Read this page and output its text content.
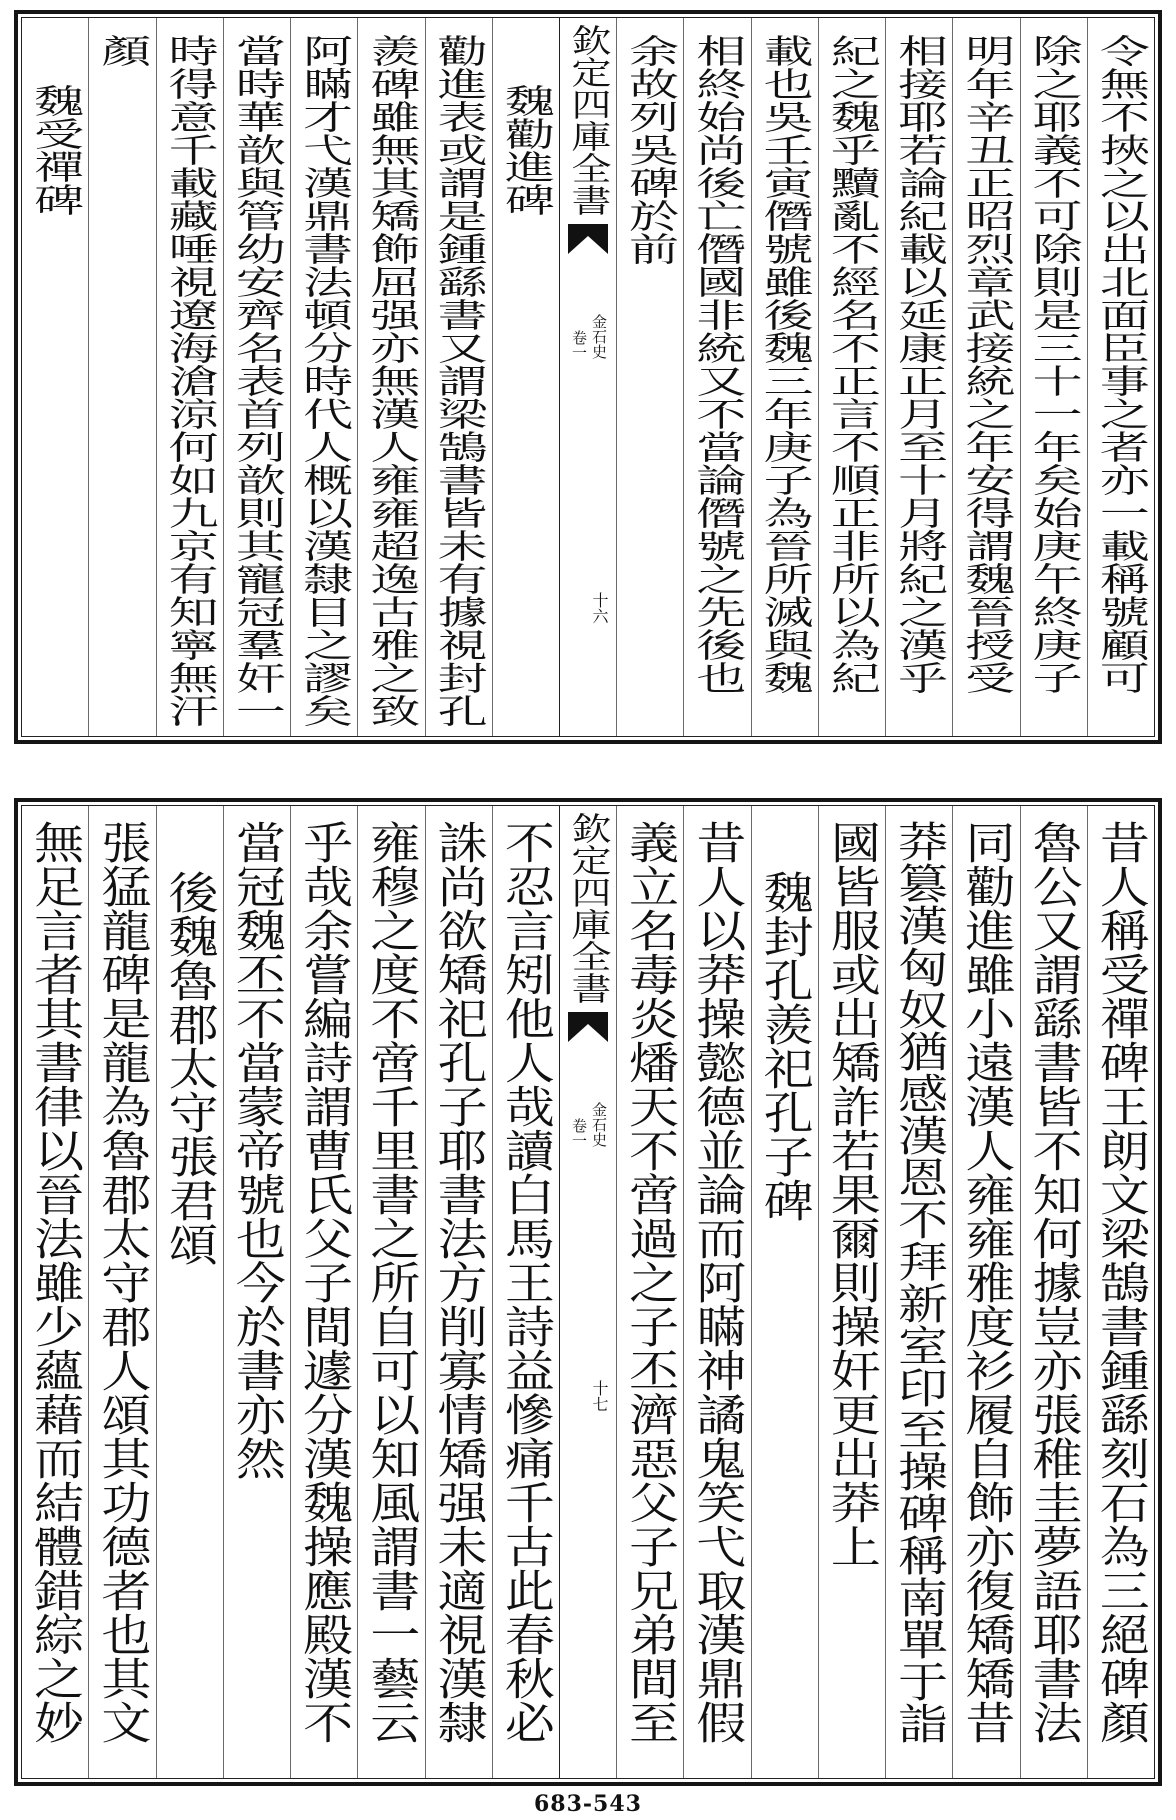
令無不挾之以出北面臣事之者亦一載稱號顧可
除之耶義不可除則是三十一年矣始庚午終庚子
明年辛丑正昭烈章武接統之年安得謂魏晉授受
相接耶若論紀載以延康正月至十月將紀之漢乎
紀之魏乎黷亂不經名不正言不順正非所以為紀
載也吳壬寅僭號雖後魏三年庚子為晉所滅與魏
相終始尚後亡僭國非統又不當論僭號之先後也
余故列吳碑於前
欽定四庫全書
金石史
卷一
十六
魏勸進碑
勸進表或謂是鍾繇書又謂梁鵠書皆未有據視封孔
羨碑雖無其矯飾屈强亦無漢人雍雍超逸古雅之致
阿瞞才弋漢鼎書法頓分時代人概以漢隸目之謬矣
當時華歆與管幼安齊名表首列歆則其寵冠羣奸一
時得意千載藏唾視遼海滄涼何如九京有知寧無汗
顏
魏受禪碑
昔人稱受禪碑王朗文梁鵠書鍾繇刻石為三絕碑顏
魯公又謂繇書皆不知何據豈亦張稚圭夢語耶書法
同勸進雖小遠漢人雍雍雅度衫履自飾亦復矯矯昔
莽篡漢匈奴猶感漢恩不拜新室印至操碑稱南單于詣
國皆服或出矯詐若果爾則操奸更出莽上
魏封孔羨祀孔子碑
昔人以莽操懿德並論而阿瞞神譎鬼笑弋取漢鼎假
義立名毒炎燔天不啻過之子丕濟惡父子兄弟間至
欽定四庫全書
金石史
卷一
十七
不忍言矧他人哉讀白馬王詩益慘痛千古此春秋必
誅尚欲矯祀孔子耶書法方削寡情矯强未適視漢隸
雍穆之度不啻千里書之所自可以知風謂書一藝云
乎哉余嘗編詩謂曹氏父子間遽分漢魏操應殿漢不
當冠魏丕不當蒙帝號也今於書亦然
後魏魯郡太守張君頌
張猛龍碑是龍為魯郡太守郡人頌其功德者也其文
無足言者其書律以晉法雖少蘊藉而結體錯綜之妙
683-543
